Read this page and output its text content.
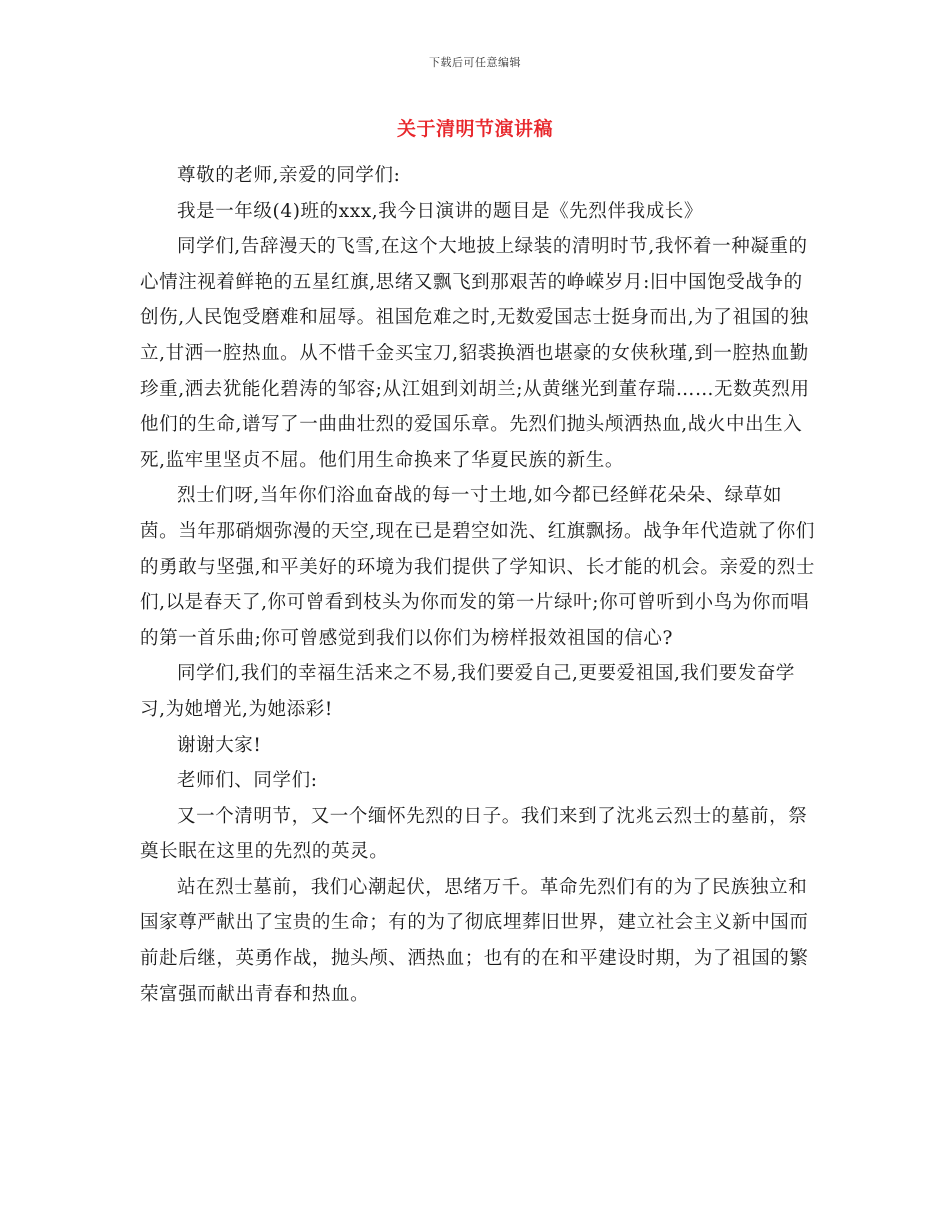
下载后可任意编辑
关于清明节演讲稿

尊敬的老师,亲爱的同学们:

我是一年级(4)班的xxx,我今日演讲的题目是《先烈伴我成长》

同学们,告辞漫天的飞雪,在这个大地披上绿装的清明时节,我怀着一种凝重的心情注视着鲜艳的五星红旗,思绪又飘飞到那艰苦的峥嵘岁月:旧中国饱受战争的创伤,人民饱受磨难和屈辱。祖国危难之时,无数爱国志士挺身而出,为了祖国的独立,甘洒一腔热血。从不惜千金买宝刀,貂裘换酒也堪豪的女侠秋瑾,到一腔热血勤珍重,洒去犹能化碧涛的邹容;从江姐到刘胡兰;从黄继光到董存瑞……无数英烈用他们的生命,谱写了一曲曲壮烈的爱国乐章。先烈们抛头颅洒热血,战火中出生入死,监牢里坚贞不屈。他们用生命换来了华夏民族的新生。

烈士们呀,当年你们浴血奋战的每一寸土地,如今都已经鲜花朵朵、绿草如茵。当年那硝烟弥漫的天空,现在已是碧空如洗、红旗飘扬。战争年代造就了你们的勇敢与坚强,和平美好的环境为我们提供了学知识、长才能的机会。亲爱的烈士们,以是春天了,你可曾看到枝头为你而发的第一片绿叶;你可曾听到小鸟为你而唱的第一首乐曲;你可曾感觉到我们以你们为榜样报效祖国的信心?

同学们,我们的幸福生活来之不易,我们要爱自己,更要爱祖国,我们要发奋学习,为她增光,为她添彩!

谢谢大家!

老师们、同学们:

又一个清明节，又一个缅怀先烈的日子。我们来到了沈兆云烈士的墓前，祭奠长眠在这里的先烈的英灵。

站在烈士墓前，我们心潮起伏，思绪万千。革命先烈们有的为了民族独立和国家尊严献出了宝贵的生命；有的为了彻底埋葬旧世界，建立社会主义新中国而前赴后继，英勇作战，抛头颅、洒热血；也有的在和平建设时期，为了祖国的繁荣富强而献出青春和热血。
